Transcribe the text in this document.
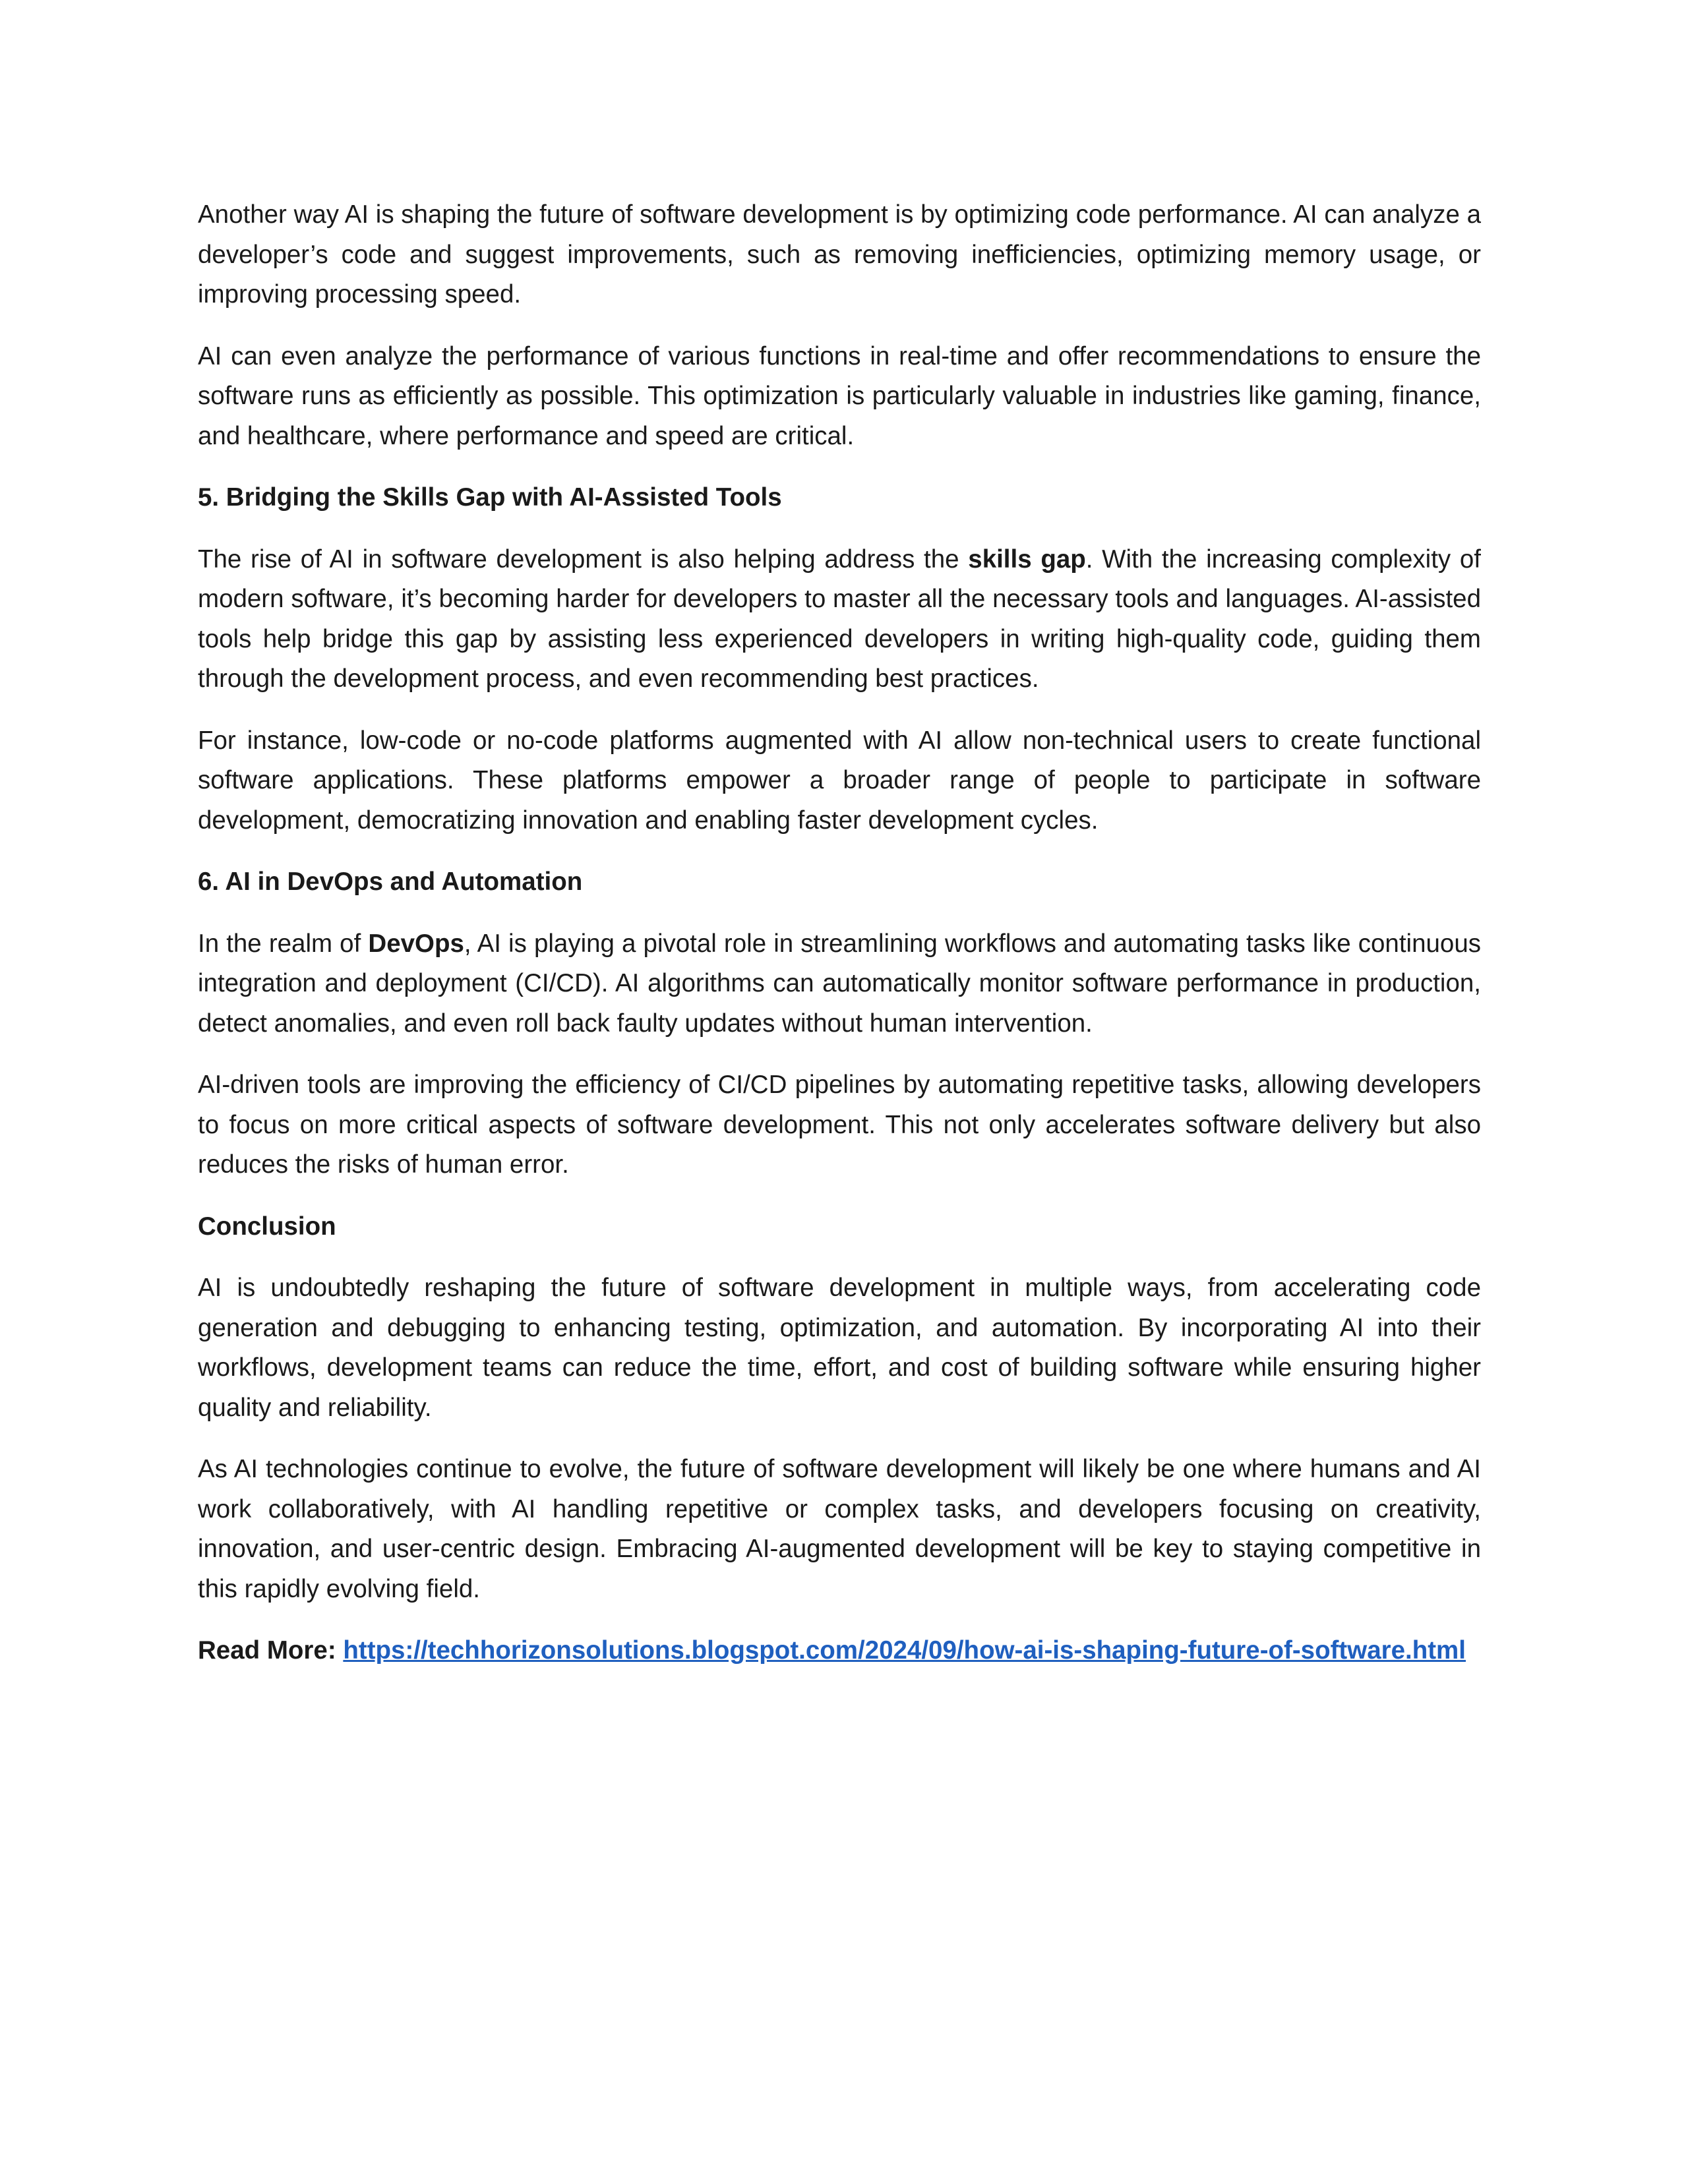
Another way AI is shaping the future of software development is by optimizing code performance. AI can analyze a developer’s code and suggest improvements, such as removing inefficiencies, optimizing memory usage, or improving processing speed.

AI can even analyze the performance of various functions in real-time and offer recommendations to ensure the software runs as efficiently as possible. This optimization is particularly valuable in industries like gaming, finance, and healthcare, where performance and speed are critical.

5. Bridging the Skills Gap with AI-Assisted Tools

The rise of AI in software development is also helping address the skills gap. With the increasing complexity of modern software, it’s becoming harder for developers to master all the necessary tools and languages. AI-assisted tools help bridge this gap by assisting less experienced developers in writing high-quality code, guiding them through the development process, and even recommending best practices.

For instance, low-code or no-code platforms augmented with AI allow non-technical users to create functional software applications. These platforms empower a broader range of people to participate in software development, democratizing innovation and enabling faster development cycles.

6. AI in DevOps and Automation

In the realm of DevOps, AI is playing a pivotal role in streamlining workflows and automating tasks like continuous integration and deployment (CI/CD). AI algorithms can automatically monitor software performance in production, detect anomalies, and even roll back faulty updates without human intervention.

AI-driven tools are improving the efficiency of CI/CD pipelines by automating repetitive tasks, allowing developers to focus on more critical aspects of software development. This not only accelerates software delivery but also reduces the risks of human error.

Conclusion

AI is undoubtedly reshaping the future of software development in multiple ways, from accelerating code generation and debugging to enhancing testing, optimization, and automation. By incorporating AI into their workflows, development teams can reduce the time, effort, and cost of building software while ensuring higher quality and reliability.

As AI technologies continue to evolve, the future of software development will likely be one where humans and AI work collaboratively, with AI handling repetitive or complex tasks, and developers focusing on creativity, innovation, and user-centric design. Embracing AI-augmented development will be key to staying competitive in this rapidly evolving field.

Read More: https://techhorizonsolutions.blogspot.com/2024/09/how-ai-is-shaping-future-of-software.html
